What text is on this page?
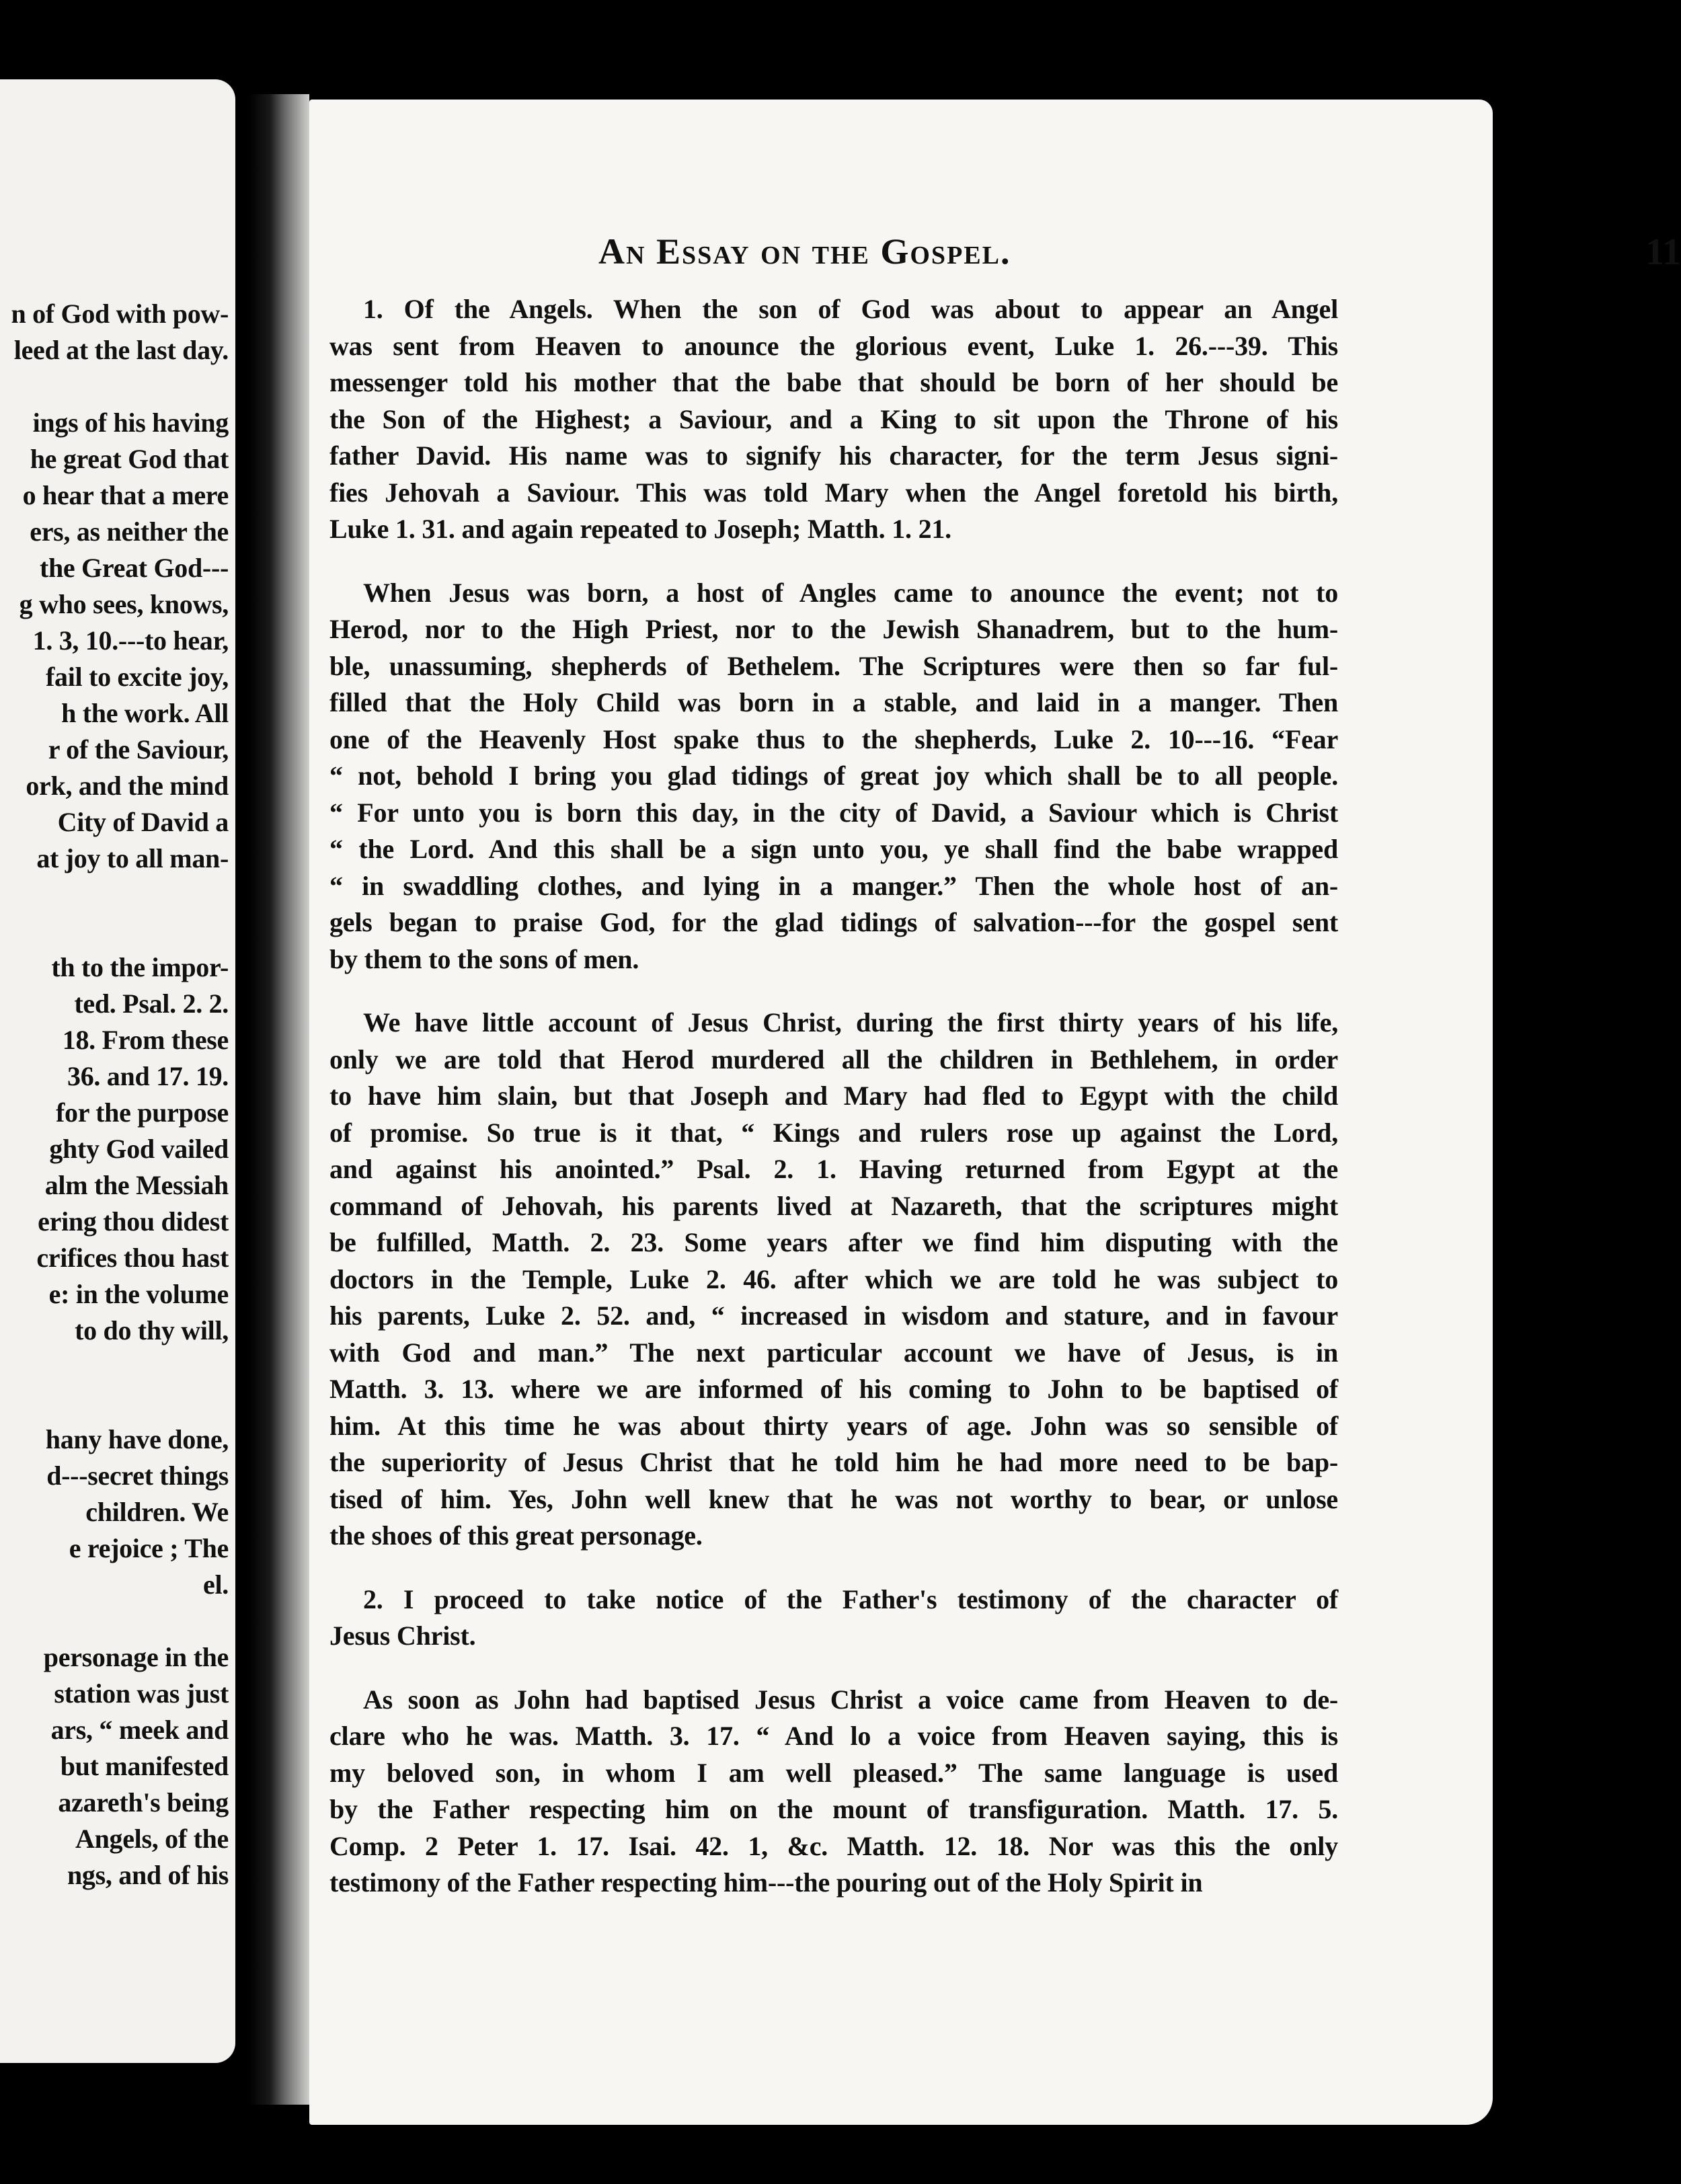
n of God with pow-
leed at the last day.
ings of his having
he great God that
o hear that a mere
ers, as neither the
the Great God---
g who sees, knows,
1. 3, 10.---to hear,
fail to excite joy,
h the work. All
r of the Saviour,
ork, and the mind
City of David a
at joy to all man-
th to the impor-
ted. Psal. 2. 2.
18. From these
36. and 17. 19.
for the purpose
ghty God vailed
alm the Messiah
ering thou didest
crifices thou hast
e: in the volume
to do thy will,
hany have done,
d---secret things
children. We
e rejoice ; The
el.
personage in the
station was just
ars, “ meek and
but manifested
azareth's being
Angels, of the
ngs, and of his
An Essay on the Gospel.	11
1. Of the Angels. When the son of God was about to appear an Angel
was sent from Heaven to anounce the glorious event, Luke 1. 26.---39. This
messenger told his mother that the babe that should be born of her should be
the Son of the Highest; a Saviour, and a King to sit upon the Throne of his
father David. His name was to signify his character, for the term Jesus signi-
fies Jehovah a Saviour. This was told Mary when the Angel foretold his birth,
Luke 1. 31. and again repeated to Joseph; Matth. 1. 21.
When Jesus was born, a host of Angles came to anounce the event; not to
Herod, nor to the High Priest, nor to the Jewish Shanadrem, but to the hum-
ble, unassuming, shepherds of Bethelem. The Scriptures were then so far ful-
filled that the Holy Child was born in a stable, and laid in a manger. Then
one of the Heavenly Host spake thus to the shepherds, Luke 2. 10---16. “Fear
“ not, behold I bring you glad tidings of great joy which shall be to all people.
“ For unto you is born this day, in the city of David, a Saviour which is Christ
“ the Lord. And this shall be a sign unto you, ye shall find the babe wrapped
“ in swaddling clothes, and lying in a manger.” Then the whole host of an-
gels began to praise God, for the glad tidings of salvation---for the gospel sent
by them to the sons of men.
We have little account of Jesus Christ, during the first thirty years of his life,
only we are told that Herod murdered all the children in Bethlehem, in order
to have him slain, but that Joseph and Mary had fled to Egypt with the child
of promise. So true is it that, “ Kings and rulers rose up against the Lord,
and against his anointed.” Psal. 2. 1. Having returned from Egypt at the
command of Jehovah, his parents lived at Nazareth, that the scriptures might
be fulfilled, Matth. 2. 23. Some years after we find him disputing with the
doctors in the Temple, Luke 2. 46. after which we are told he was subject to
his parents, Luke 2. 52. and, “ increased in wisdom and stature, and in favour
with God and man.” The next particular account we have of Jesus, is in
Matth. 3. 13. where we are informed of his coming to John to be baptised of
him. At this time he was about thirty years of age. John was so sensible of
the superiority of Jesus Christ that he told him he had more need to be bap-
tised of him. Yes, John well knew that he was not worthy to bear, or unlose
the shoes of this great personage.
2. I proceed to take notice of the Father's testimony of the character of
Jesus Christ.
As soon as John had baptised Jesus Christ a voice came from Heaven to de-
clare who he was. Matth. 3. 17. “ And lo a voice from Heaven saying, this is
my beloved son, in whom I am well pleased.” The same language is used
by the Father respecting him on the mount of transfiguration. Matth. 17. 5.
Comp. 2 Peter 1. 17. Isai. 42. 1, &c. Matth. 12. 18. Nor was this the only
testimony of the Father respecting him---the pouring out of the Holy Spirit in
